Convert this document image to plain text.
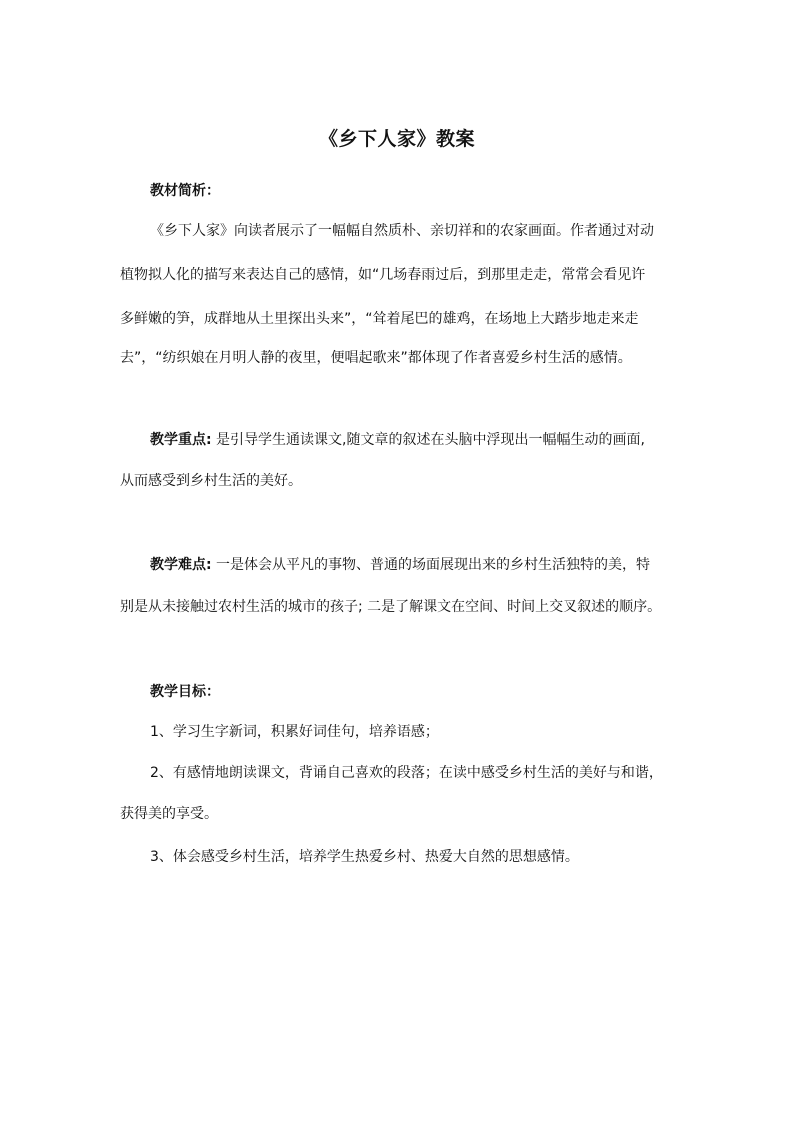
《乡下人家》教案
教材简析：
《乡下人家》向读者展示了一幅幅自然质朴、亲切祥和的农家画面。作者通过对动
植物拟人化的描写来表达自己的感情，如“几场春雨过后，到那里走走，常常会看见许
多鲜嫩的笋，成群地从土里探出头来”，“耸着尾巴的雄鸡，在场地上大踏步地走来走
去”，“纺织娘在月明人静的夜里，便唱起歌来”都体现了作者喜爱乡村生活的感情。
教学重点: 是引导学生通读课文,随文章的叙述在头脑中浮现出一幅幅生动的画面,
从而感受到乡村生活的美好。
教学难点: 一是体会从平凡的事物、普通的场面展现出来的乡村生活独特的美，特
别是从未接触过农村生活的城市的孩子; 二是了解课文在空间、时间上交叉叙述的顺序。
教学目标：
1、学习生字新词，积累好词佳句，培养语感；
2、有感情地朗读课文，背诵自己喜欢的段落；在读中感受乡村生活的美好与和谐，
获得美的享受。
3、体会感受乡村生活，培养学生热爱乡村、热爱大自然的思想感情。
